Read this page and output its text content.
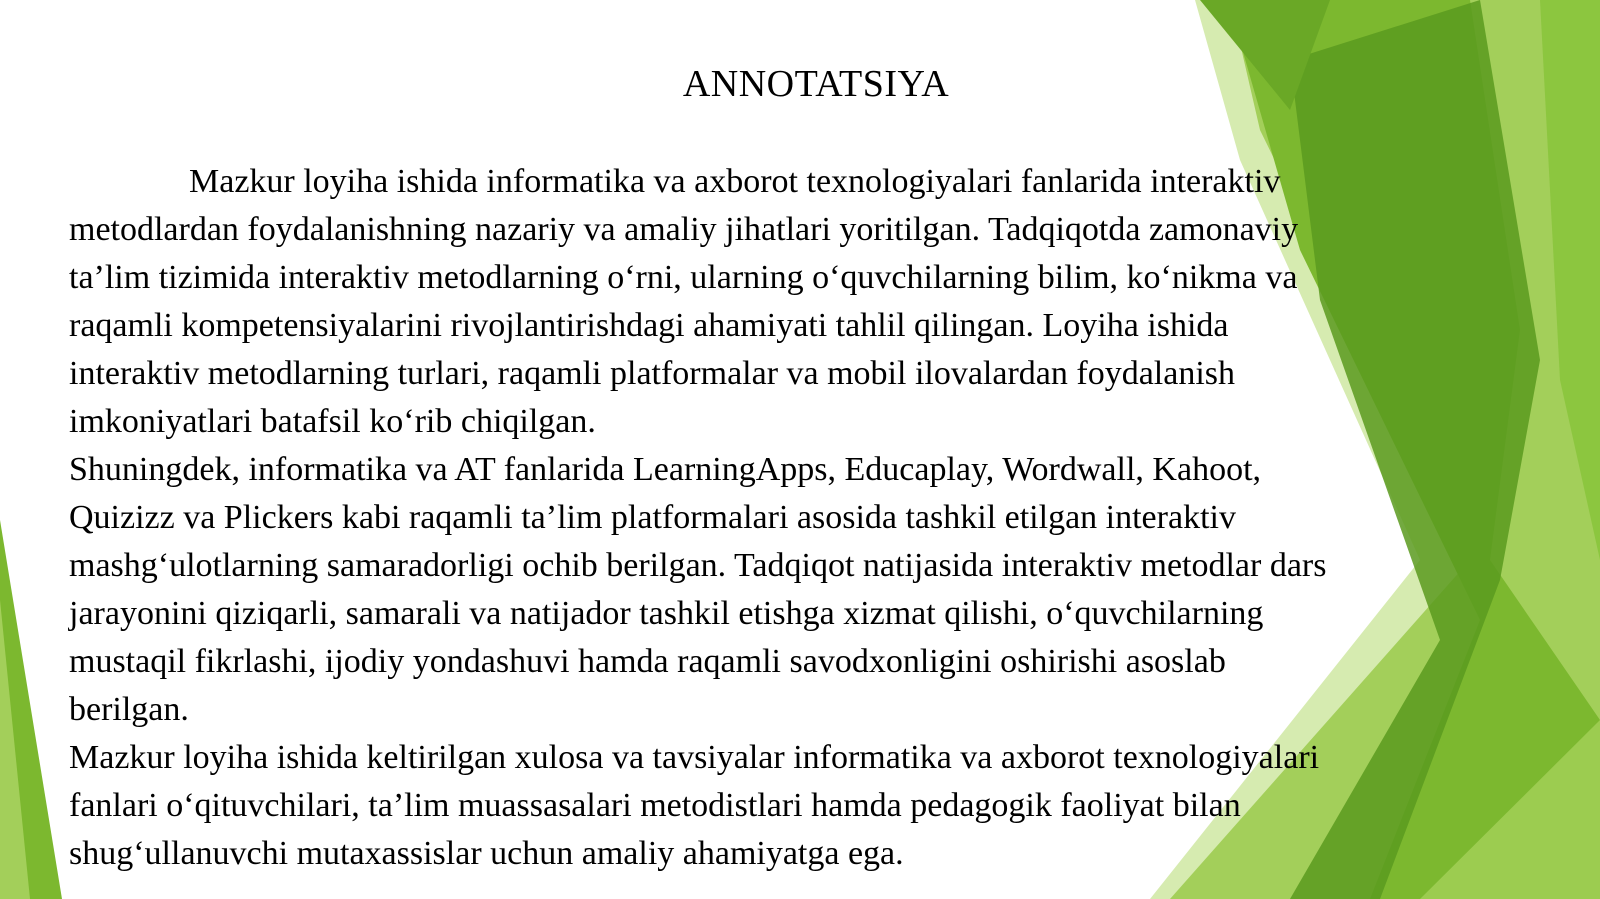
ANNOTATSIYA

Mazkur loyiha ishida informatika va axborot texnologiyalari fanlarida interaktiv
metodlardan foydalanishning nazariy va amaliy jihatlari yoritilgan. Tadqiqotda zamonaviy
ta’lim tizimida interaktiv metodlarning o‘rni, ularning o‘quvchilarning bilim, ko‘nikma va
raqamli kompetensiyalarini rivojlantirishdagi ahamiyati tahlil qilingan. Loyiha ishida
interaktiv metodlarning turlari, raqamli platformalar va mobil ilovalardan foydalanish
imkoniyatlari batafsil ko‘rib chiqilgan.

Shuningdek, informatika va AT fanlarida LearningApps, Educaplay, Wordwall, Kahoot,
Quizizz va Plickers kabi raqamli ta’lim platformalari asosida tashkil etilgan interaktiv
mashg‘ulotlarning samaradorligi ochib berilgan. Tadqiqot natijasida interaktiv metodlar dars
jarayonini qiziqarli, samarali va natijador tashkil etishga xizmat qilishi, o‘quvchilarning
mustaqil fikrlashi, ijodiy yondashuvi hamda raqamli savodxonligini oshirishi asoslab
berilgan.

Mazkur loyiha ishida keltirilgan xulosa va tavsiyalar informatika va axborot texnologiyalari
fanlari o‘qituvchilari, ta’lim muassasalari metodistlari hamda pedagogik faoliyat bilan
shug‘ullanuvchi mutaxassislar uchun amaliy ahamiyatga ega.
